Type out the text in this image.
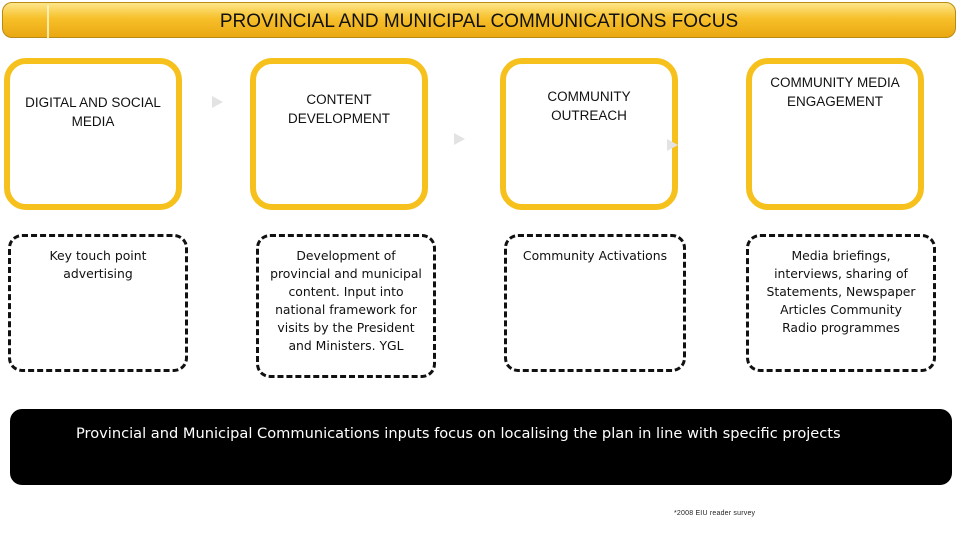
PROVINCIAL AND MUNICIPAL COMMUNICATIONS FOCUS
DIGITAL AND SOCIAL MEDIA
CONTENT DEVELOPMENT
COMMUNITY OUTREACH
COMMUNITY MEDIA ENGAGEMENT
Key touch point advertising
Development of provincial and municipal content. Input into national framework for visits by the President and Ministers. YGL
Community Activations	Media briefings, interviews, sharing of Statements, Newspaper Articles Community Radio programmes
Provincial and Municipal Communications inputs focus on localising the plan in line with specific projects
*2008 EIU reader survey
